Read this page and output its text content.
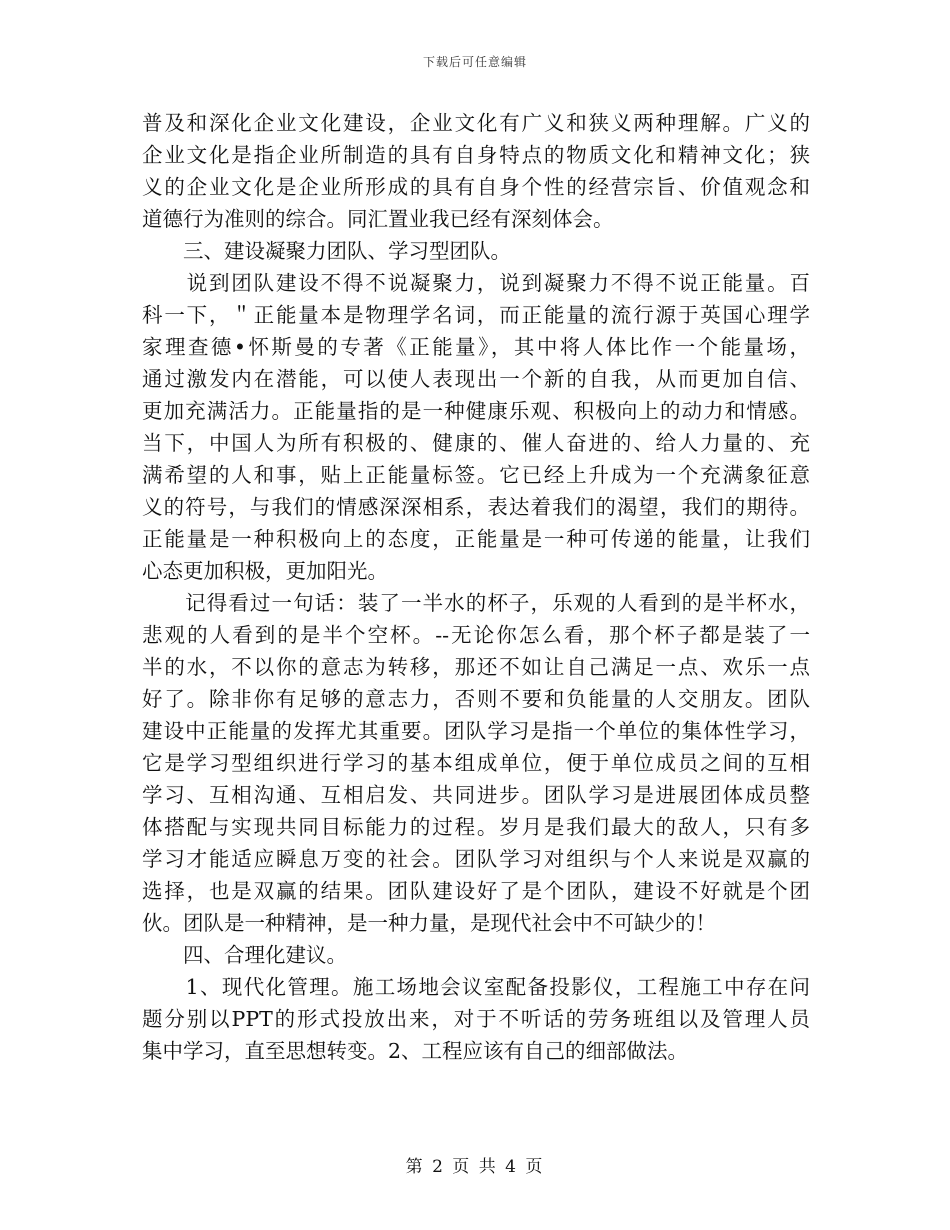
下载后可任意编辑
普及和深化企业文化建设，企业文化有广义和狭义两种理解。广义的
企业文化是指企业所制造的具有自身特点的物质文化和精神文化；狭
义的企业文化是企业所形成的具有自身个性的经营宗旨、价值观念和
道德行为准则的综合。同汇置业我已经有深刻体会。
　　三、建设凝聚力团队、学习型团队。
　　说到团队建设不得不说凝聚力，说到凝聚力不得不说正能量。百
科一下，＂正能量本是物理学名词，而正能量的流行源于英国心理学
家理查德•怀斯曼的专著《正能量》，其中将人体比作一个能量场，
通过激发内在潜能，可以使人表现出一个新的自我，从而更加自信、
更加充满活力。正能量指的是一种健康乐观、积极向上的动力和情感。
当下，中国人为所有积极的、健康的、催人奋进的、给人力量的、充
满希望的人和事，贴上正能量标签。它已经上升成为一个充满象征意
义的符号，与我们的情感深深相系，表达着我们的渴望，我们的期待。
正能量是一种积极向上的态度，正能量是一种可传递的能量，让我们
心态更加积极，更加阳光。
　　记得看过一句话：装了一半水的杯子，乐观的人看到的是半杯水，
悲观的人看到的是半个空杯。--无论你怎么看，那个杯子都是装了一
半的水，不以你的意志为转移，那还不如让自己满足一点、欢乐一点
好了。除非你有足够的意志力，否则不要和负能量的人交朋友。团队
建设中正能量的发挥尤其重要。团队学习是指一个单位的集体性学习，
它是学习型组织进行学习的基本组成单位，便于单位成员之间的互相
学习、互相沟通、互相启发、共同进步。团队学习是进展团体成员整
体搭配与实现共同目标能力的过程。岁月是我们最大的敌人，只有多
学习才能适应瞬息万变的社会。团队学习对组织与个人来说是双赢的
选择，也是双赢的结果。团队建设好了是个团队，建设不好就是个团
伙。团队是一种精神，是一种力量，是现代社会中不可缺少的！
　　四、合理化建议。
　　1、现代化管理。施工场地会议室配备投影仪，工程施工中存在问
题分别以PPT的形式投放出来，对于不听话的劳务班组以及管理人员
集中学习，直至思想转变。2、工程应该有自己的细部做法。
第 2 页 共 4 页
